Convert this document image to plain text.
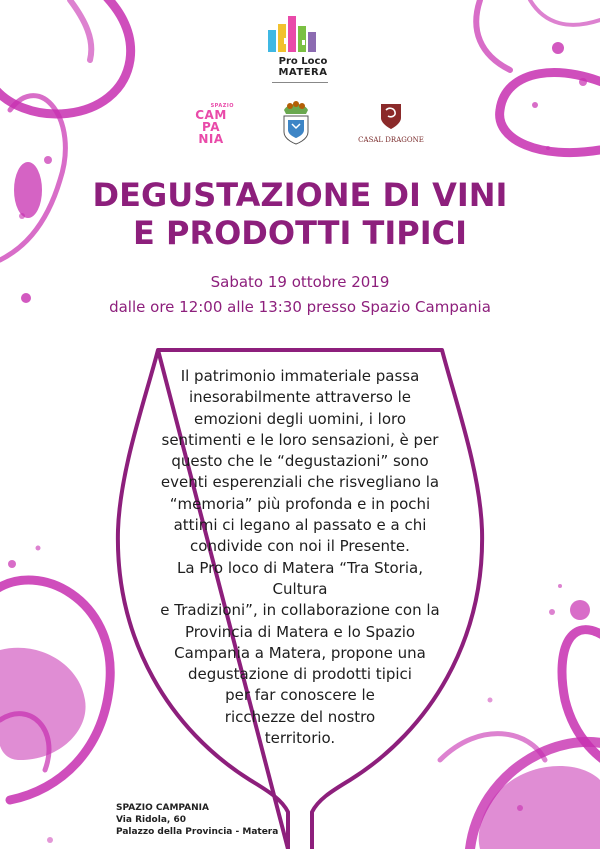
Pro Loco
MATERA
SPAZIO
CAM
PA
NIA	CASAL DRAGONE
DEGUSTAZIONE DI VINI
E PRODOTTI TIPICI
Sabato 19 ottobre 2019
dalle ore 12:00 alle 13:30 presso Spazio Campania

Il patrimonio immateriale passa inesorabilmente attraverso le emozioni degli uomini, i loro sentimenti e le loro sensazioni, è per questo che le “degustazioni” sono eventi esperenziali che risvegliano la “memoria” più profonda e in pochi attimi ci legano al passato e a chi condivide con noi il Presente.

La Pro loco di Matera “Tra Storia, Cultura

e Tradizioni”, in collaborazione con la

Provincia di Matera e lo Spazio

Campania a Matera, propone una

degustazione di prodotti tipici

per far conoscere le

ricchezze del nostro

territorio.

SPAZIO CAMPANIA
Via Ridola, 60
Palazzo della Provincia - Matera
